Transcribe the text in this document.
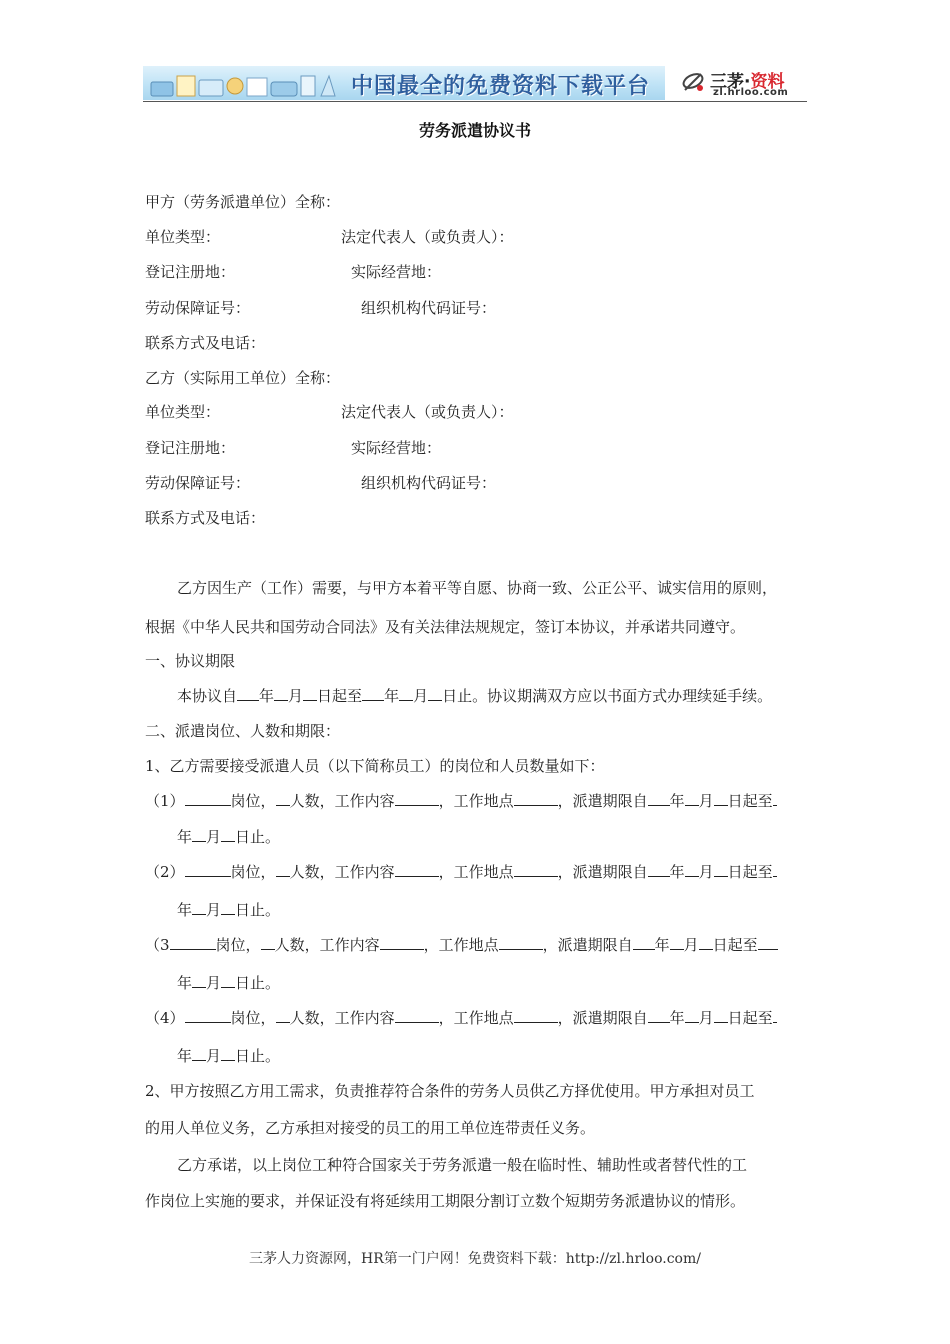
中国最全的免费资料下载平台	三茅·资料
zl.hrloo.com
劳务派遣协议书
甲方（劳务派遣单位）全称：
单位类型：	法定代表人（或负责人）：
登记注册地：	实际经营地：
劳动保障证号：	组织机构代码证号：
联系方式及电话：
乙方（实际用工单位）全称：
单位类型：	法定代表人（或负责人）：
登记注册地：	实际经营地：
劳动保障证号：	组织机构代码证号：
联系方式及电话：
乙方因生产（工作）需要，与甲方本着平等自愿、协商一致、公正公平、诚实信用的原则，
根据《中华人民共和国劳动合同法》及有关法律法规规定，签订本协议，并承诺共同遵守。
一、协议期限
本协议自 年 月 日起至 年 月 日止。协议期满双方应以书面方式办理续延手续。
二、派遣岗位、人数和期限：
1、乙方需要接受派遣人员（以下简称员工）的岗位和人员数量如下：
（1）	岗位， 人数，工作内容	，工作地点	，派遣期限自 年 月 日起至
年 月 日止。
（2）	岗位， 人数，工作内容	，工作地点	，派遣期限自 年 月 日起至
年 月 日止。
（3	岗位， 人数，工作内容	，工作地点	，派遣期限自 年 月 日起至
年 月 日止。
（4）	岗位， 人数，工作内容	，工作地点	，派遣期限自 年 月 日起至
年 月 日止。
2、甲方按照乙方用工需求，负责推荐符合条件的劳务人员供乙方择优使用。甲方承担对员工
的用人单位义务，乙方承担对接受的员工的用工单位连带责任义务。
乙方承诺，以上岗位工种符合国家关于劳务派遣一般在临时性、辅助性或者替代性的工
作岗位上实施的要求，并保证没有将延续用工期限分割订立数个短期劳务派遣协议的情形。
三茅人力资源网，HR第一门户网！免费资料下载：http://zl.hrloo.com/
